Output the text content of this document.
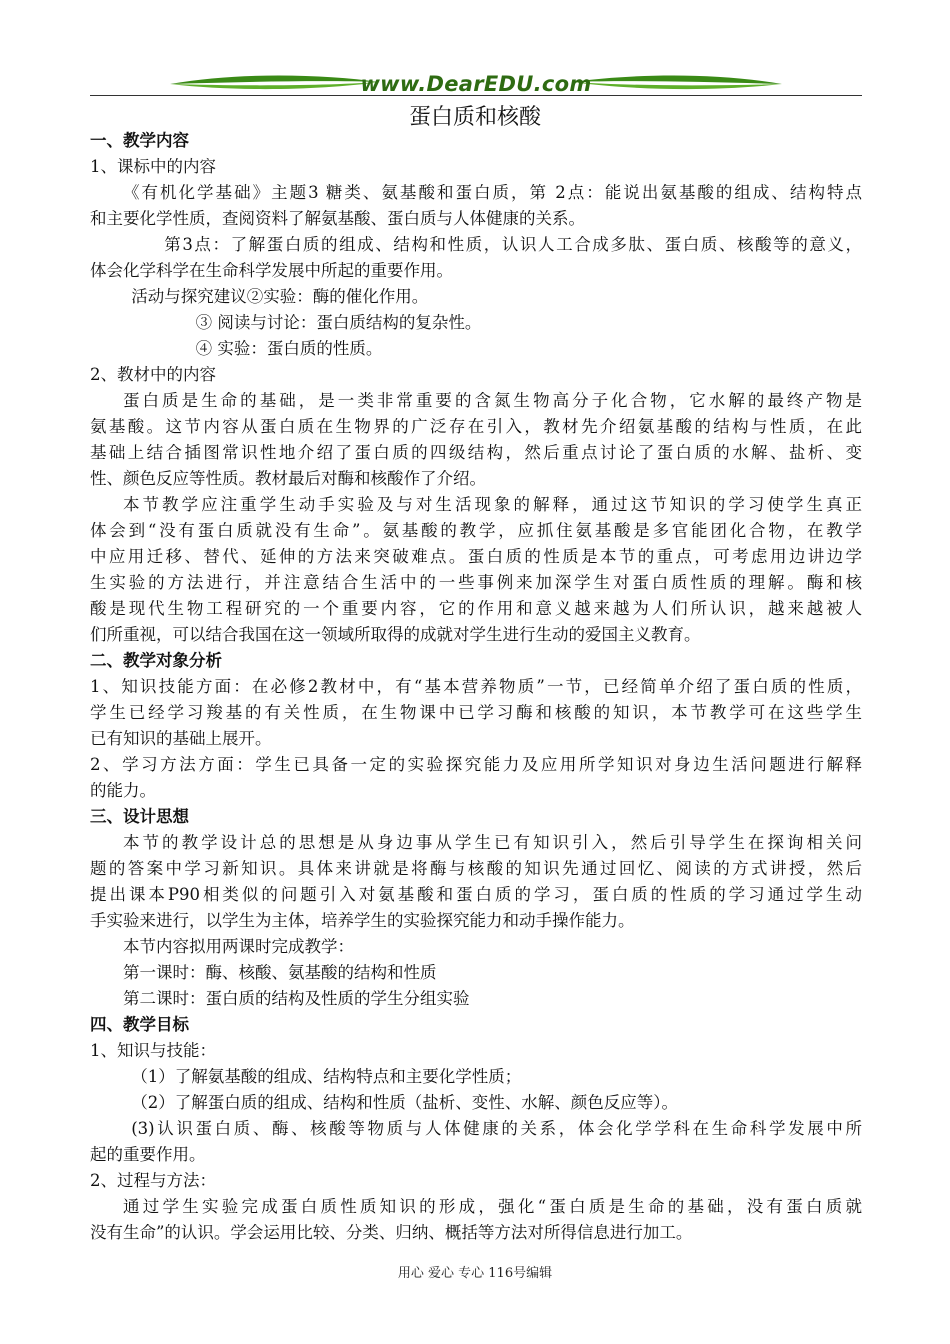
www.DearEDU.com
蛋白质和核酸
一、教学内容
1、课标中的内容
《有机化学基础》主题3 糖类、氨基酸和蛋白质，第 2点：能说出氨基酸的组成、结构特点
和主要化学性质，查阅资料了解氨基酸、蛋白质与人体健康的关系。
第3点：了解蛋白质的组成、结构和性质，认识人工合成多肽、蛋白质、核酸等的意义，
体会化学科学在生命科学发展中所起的重要作用。
活动与探究建议②实验：酶的催化作用。
③ 阅读与讨论：蛋白质结构的复杂性。
④ 实验：蛋白质的性质。
2、教材中的内容
蛋白质是生命的基础，是一类非常重要的含氮生物高分子化合物，它水解的最终产物是
氨基酸。这节内容从蛋白质在生物界的广泛存在引入，教材先介绍氨基酸的结构与性质，在此
基础上结合插图常识性地介绍了蛋白质的四级结构，然后重点讨论了蛋白质的水解、盐析、变
性、颜色反应等性质。教材最后对酶和核酸作了介绍。
本节教学应注重学生动手实验及与对生活现象的解释，通过这节知识的学习使学生真正
体会到“没有蛋白质就没有生命”。氨基酸的教学，应抓住氨基酸是多官能团化合物，在教学
中应用迁移、替代、延伸的方法来突破难点。蛋白质的性质是本节的重点，可考虑用边讲边学
生实验的方法进行，并注意结合生活中的一些事例来加深学生对蛋白质性质的理解。酶和核
酸是现代生物工程研究的一个重要内容，它的作用和意义越来越为人们所认识，越来越被人
们所重视，可以结合我国在这一领域所取得的成就对学生进行生动的爱国主义教育。
二、教学对象分析
1、知识技能方面：在必修2教材中，有“基本营养物质”一节，已经简单介绍了蛋白质的性质，
学生已经学习羧基的有关性质，在生物课中已学习酶和核酸的知识，本节教学可在这些学生
已有知识的基础上展开。
2、学习方法方面：学生已具备一定的实验探究能力及应用所学知识对身边生活问题进行解释
的能力。
三、设计思想
本节的教学设计总的思想是从身边事从学生已有知识引入，然后引导学生在探询相关问
题的答案中学习新知识。具体来讲就是将酶与核酸的知识先通过回忆、阅读的方式讲授，然后
提出课本P90相类似的问题引入对氨基酸和蛋白质的学习，蛋白质的性质的学习通过学生动
手实验来进行，以学生为主体，培养学生的实验探究能力和动手操作能力。
本节内容拟用两课时完成教学：
第一课时：酶、核酸、氨基酸的结构和性质
第二课时：蛋白质的结构及性质的学生分组实验
四、教学目标
1、知识与技能：
（1）了解氨基酸的组成、结构特点和主要化学性质；
（2）了解蛋白质的组成、结构和性质（盐析、变性、水解、颜色反应等）。
(3)认识蛋白质、酶、核酸等物质与人体健康的关系，体会化学学科在生命科学发展中所
起的重要作用。
2、过程与方法：
通过学生实验完成蛋白质性质知识的形成，强化“蛋白质是生命的基础，没有蛋白质就
没有生命”的认识。学会运用比较、分类、归纳、概括等方法对所得信息进行加工。
用心 爱心 专心 116号编辑
